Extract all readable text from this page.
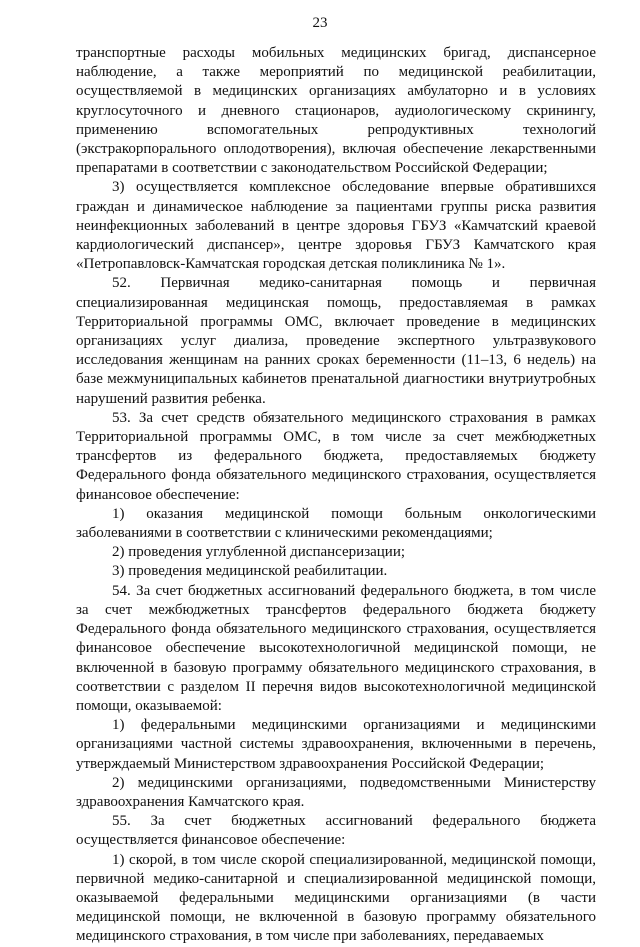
23

транспортные расходы мобильных медицинских бригад, диспансерное наблюдение, а также мероприятий по медицинской реабилитации, осуществляемой в медицинских организациях амбулаторно и в условиях круглосуточного и дневного стационаров, аудиологическому скринингу, применению вспомогательных репродуктивных технологий (экстракорпорального оплодотворения), включая обеспечение лекарственными препаратами в соответствии с законодательством Российской Федерации;

3) осуществляется комплексное обследование впервые обратившихся граждан и динамическое наблюдение за пациентами группы риска развития неинфекционных заболеваний в центре здоровья ГБУЗ «Камчатский краевой кардиологический диспансер», центре здоровья ГБУЗ Камчатского края «Петропавловск-Камчатская городская детская поликлиника № 1».

52. Первичная медико-санитарная помощь и первичная специализированная медицинская помощь, предоставляемая в рамках Территориальной программы ОМС, включает проведение в медицинских организациях услуг диализа, проведение экспертного ультразвукового исследования женщинам на ранних сроках беременности (11–13, 6 недель) на базе межмуниципальных кабинетов пренатальной диагностики внутриутробных нарушений развития ребенка.

53. За счет средств обязательного медицинского страхования в рамках Территориальной программы ОМС, в том числе за счет межбюджетных трансфертов из федерального бюджета, предоставляемых бюджету Федерального фонда обязательного медицинского страхования, осуществляется финансовое обеспечение:

1) оказания медицинской помощи больным онкологическими заболеваниями в соответствии с клиническими рекомендациями;

2) проведения углубленной диспансеризации;

3) проведения медицинской реабилитации.

54. За счет бюджетных ассигнований федерального бюджета, в том числе за счет межбюджетных трансфертов федерального бюджета бюджету Федерального фонда обязательного медицинского страхования, осуществляется финансовое обеспечение высокотехнологичной медицинской помощи, не включенной в базовую программу обязательного медицинского страхования, в соответствии с разделом II перечня видов высокотехнологичной медицинской помощи, оказываемой:

1) федеральными медицинскими организациями и медицинскими организациями частной системы здравоохранения, включенными в перечень, утверждаемый Министерством здравоохранения Российской Федерации;

2) медицинскими организациями, подведомственными Министерству здравоохранения Камчатского края.

55. За счет бюджетных ассигнований федерального бюджета осуществляется финансовое обеспечение:

1) скорой, в том числе скорой специализированной, медицинской помощи, первичной медико-санитарной и специализированной медицинской помощи, оказываемой федеральными медицинскими организациями (в части медицинской помощи, не включенной в базовую программу обязательного медицинского страхования, в том числе при заболеваниях, передаваемых
